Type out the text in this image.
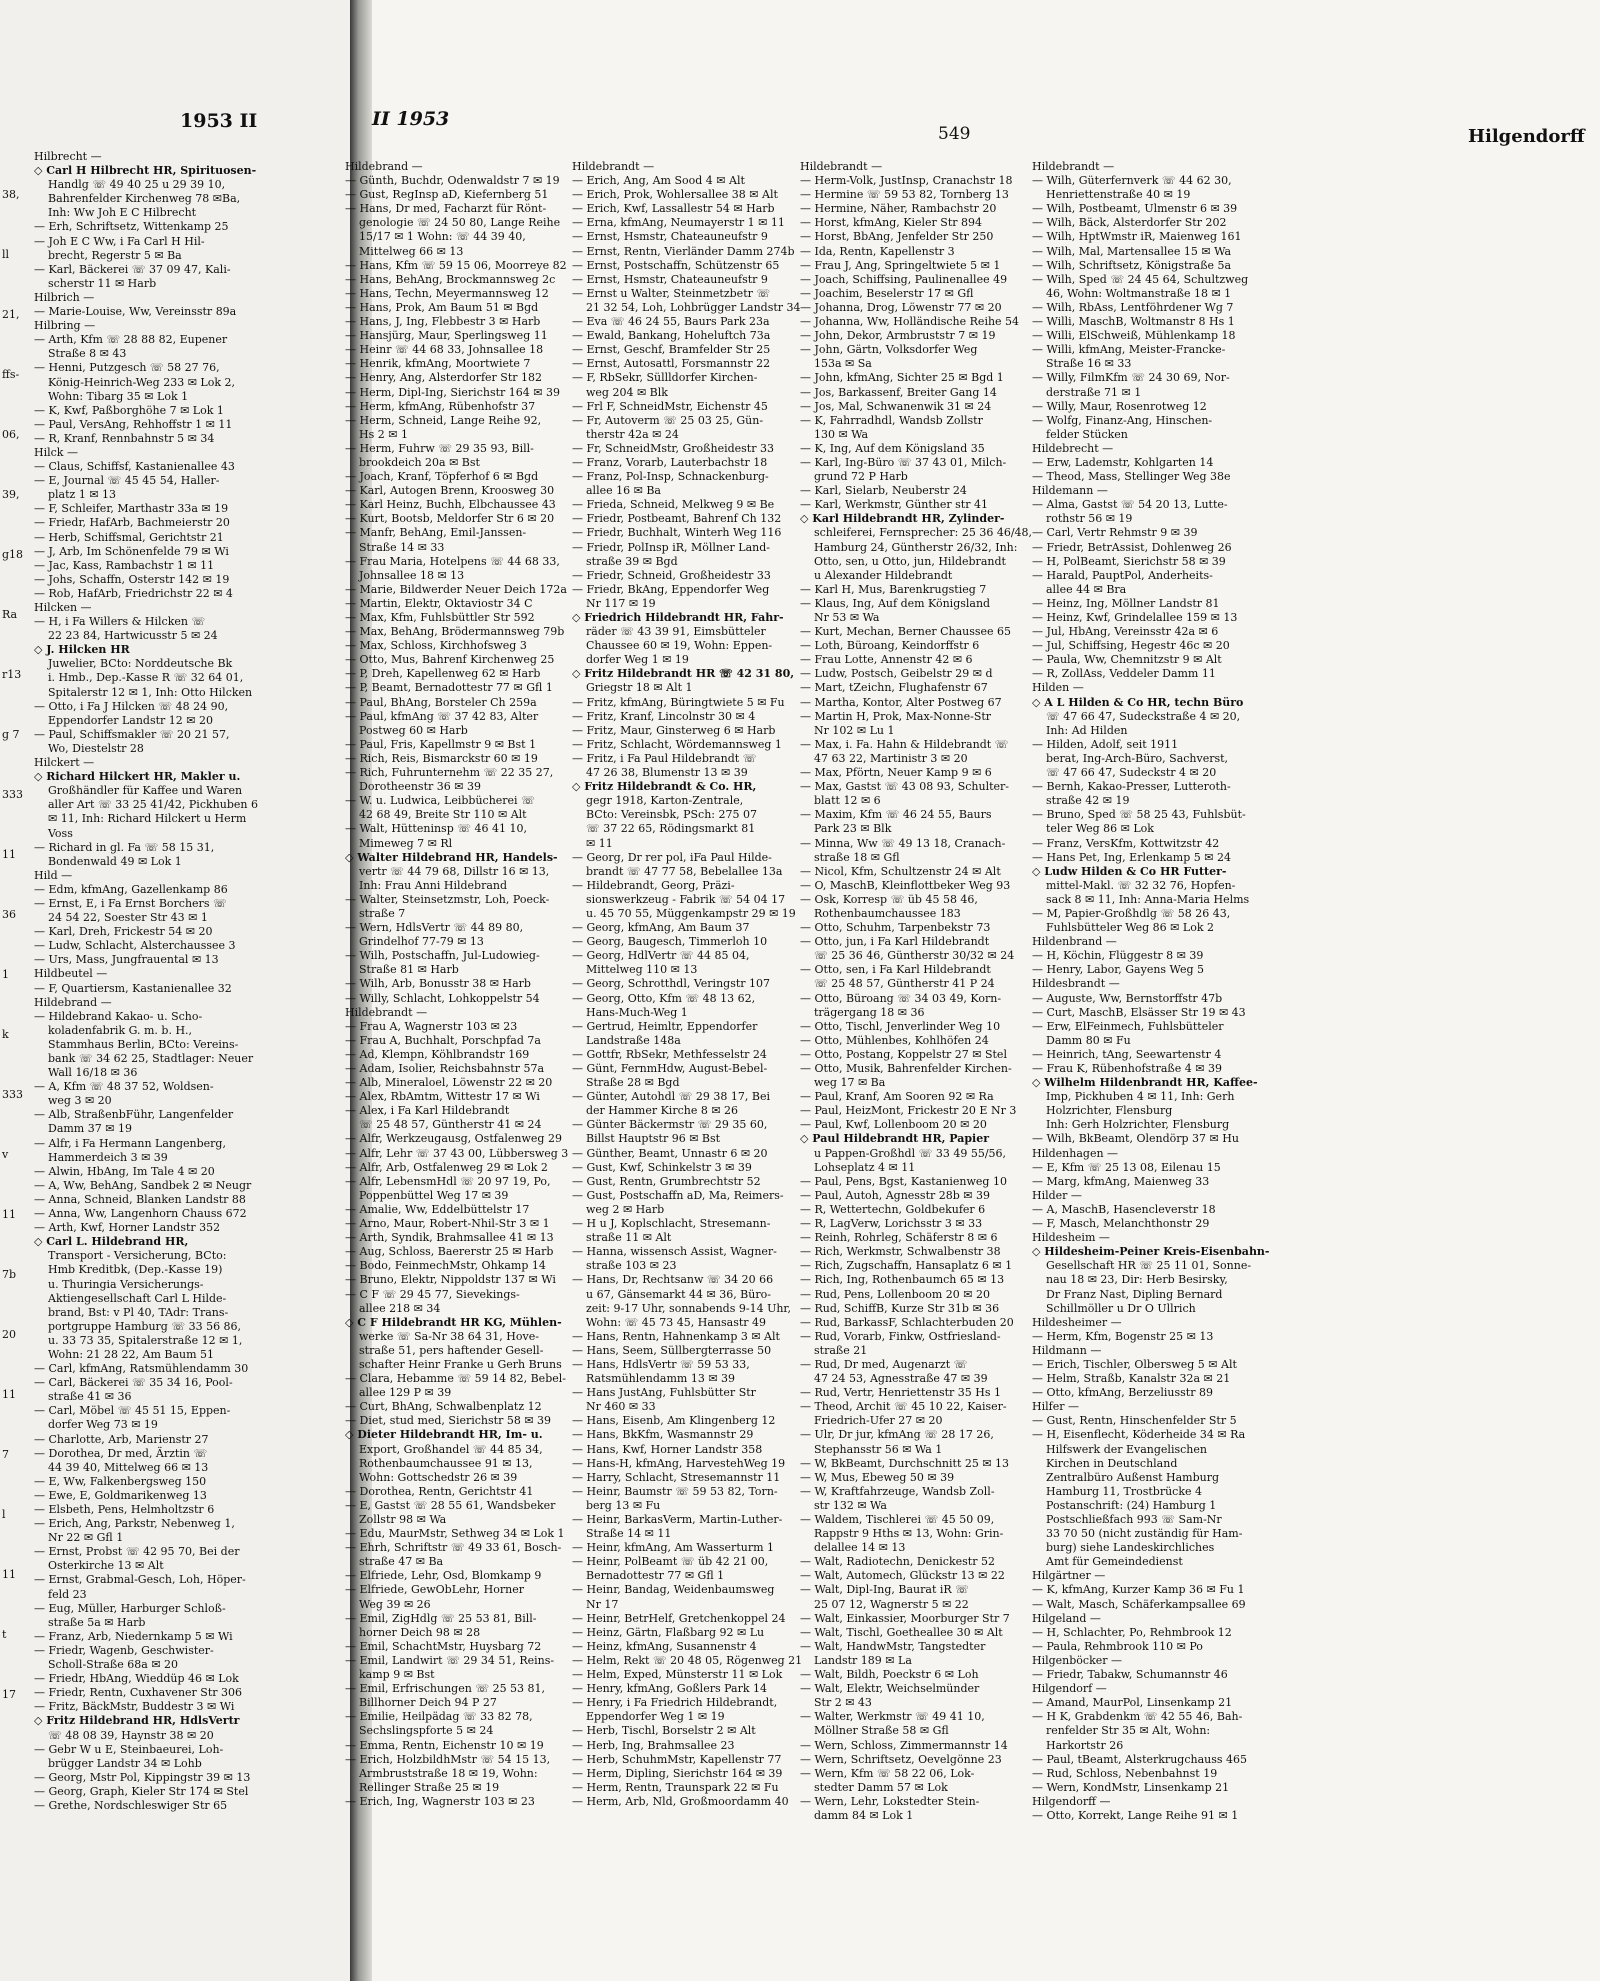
1953 II
Hilbrecht —
◇ Carl H Hilbrecht HR, Spirituosen-
Handlg ☏ 49 40 25 u 29 39 10,
Bahrenfelder Kirchenweg 78 ✉Ba,
Inh: Ww Joh E C Hilbrecht
— Erh, Schriftsetz, Wittenkamp 25
— Joh E C Ww, i Fa Carl H Hil-
brecht, Regerstr 5 ✉ Ba
— Karl, Bäckerei ☏ 37 09 47, Kali-
scherstr 11 ✉ Harb
Hilbrich —
— Marie-Louise, Ww, Vereinsstr 89a
Hilbring —
— Arth, Kfm ☏ 28 88 82, Eupener
Straße 8 ✉ 43
— Henni, Putzgesch ☏ 58 27 76,
König-Heinrich-Weg 233 ✉ Lok 2,
Wohn: Tibarg 35 ✉ Lok 1
— K, Kwf, Paßborghöhe 7 ✉ Lok 1
— Paul, VersAng, Rehhoffstr 1 ✉ 11
— R, Kranf, Rennbahnstr 5 ✉ 34
Hilck —
— Claus, Schiffsf, Kastanienallee 43
— E, Journal ☏ 45 45 54, Haller-
platz 1 ✉ 13
— F, Schleifer, Marthastr 33a ✉ 19
— Friedr, HafArb, Bachmeierstr 20
— Herb, Schiffsmal, Gerichtstr 21
— J, Arb, Im Schönenfelde 79 ✉ Wi
— Jac, Kass, Rambachstr 1 ✉ 11
— Johs, Schaffn, Osterstr 142 ✉ 19
— Rob, HafArb, Friedrichstr 22 ✉ 4
Hilcken —
— H, i Fa Willers & Hilcken ☏
22 23 84, Hartwicusstr 5 ✉ 24
◇ J. Hilcken HR
Juwelier, BCto: Norddeutsche Bk
i. Hmb., Dep.-Kasse R ☏ 32 64 01,
Spitalerstr 12 ✉ 1, Inh: Otto Hilcken
— Otto, i Fa J Hilcken ☏ 48 24 90,
Eppendorfer Landstr 12 ✉ 20
— Paul, Schiffsmakler ☏ 20 21 57,
Wo, Diestelstr 28
Hilckert —
◇ Richard Hilckert HR, Makler u.
Großhändler für Kaffee und Waren
aller Art ☏ 33 25 41/42, Pickhuben 6
✉ 11, Inh: Richard Hilckert u Herm
Voss
— Richard in gl. Fa ☏ 58 15 31,
Bondenwald 49 ✉ Lok 1
Hild —
— Edm, kfmAng, Gazellenkamp 86
— Ernst, E, i Fa Ernst Borchers ☏
24 54 22, Soester Str 43 ✉ 1
— Karl, Dreh, Frickestr 54 ✉ 20
— Ludw, Schlacht, Alsterchaussee 3
— Urs, Mass, Jungfrauental ✉ 13
Hildbeutel —
— F, Quartiersm, Kastanienallee 32
Hildebrand —
— Hildebrand Kakao- u. Scho-
koladenfabrik G. m. b. H.,
Stammhaus Berlin, BCto: Vereins-
bank ☏ 34 62 25, Stadtlager: Neuer
Wall 16/18 ✉ 36
— A, Kfm ☏ 48 37 52, Woldsen-
weg 3 ✉ 20
— Alb, StraßenbFühr, Langenfelder
Damm 37 ✉ 19
— Alfr, i Fa Hermann Langenberg,
Hammerdeich 3 ✉ 39
— Alwin, HbAng, Im Tale 4 ✉ 20
— A, Ww, BehAng, Sandbek 2 ✉ Neugr
— Anna, Schneid, Blanken Landstr 88
— Anna, Ww, Langenhorn Chauss 672
— Arth, Kwf, Horner Landstr 352
◇ Carl L. Hildebrand HR,
Transport - Versicherung, BCto:
Hmb Kreditbk, (Dep.-Kasse 19)
u. Thuringia Versicherungs-
Aktiengesellschaft Carl L Hilde-
brand, Bst: v Pl 40, TAdr: Trans-
portgruppe Hamburg ☏ 33 56 86,
u. 33 73 35, Spitalerstraße 12 ✉ 1,
Wohn: 21 28 22, Am Baum 51
— Carl, kfmAng, Ratsmühlendamm 30
— Carl, Bäckerei ☏ 35 34 16, Pool-
straße 41 ✉ 36
— Carl, Möbel ☏ 45 51 15, Eppen-
dorfer Weg 73 ✉ 19
— Charlotte, Arb, Marienstr 27
— Dorothea, Dr med, Ärztin ☏
44 39 40, Mittelweg 66 ✉ 13
— E, Ww, Falkenbergsweg 150
— Ewe, E, Goldmarikenweg 13
— Elsbeth, Pens, Helmholtzstr 6
— Erich, Ang, Parkstr, Nebenweg 1,
Nr 22 ✉ Gfl 1
— Ernst, Probst ☏ 42 95 70, Bei der
Osterkirche 13 ✉ Alt
— Ernst, Grabmal-Gesch, Loh, Höper-
feld 23
— Eug, Müller, Harburger Schloß-
straße 5a ✉ Harb
— Franz, Arb, Niedernkamp 5 ✉ Wi
— Friedr, Wagenb, Geschwister-
Scholl-Straße 68a ✉ 20
— Friedr, HbAng, Wieddüp 46 ✉ Lok
— Friedr, Rentn, Cuxhavener Str 306
— Fritz, BäckMstr, Buddestr 3 ✉ Wi
◇ Fritz Hildebrand HR, HdlsVertr
☏ 48 08 39, Haynstr 38 ✉ 20
— Gebr W u E, Steinbaeurei, Loh-
brügger Landstr 34 ✉ Lohb
— Georg, Mstr Pol, Kippingstr 39 ✉ 13
— Georg, Graph, Kieler Str 174 ✉ Stel
— Grethe, Nordschleswiger Str 65
38,
ll
21,
ffs-
06,
39,
g18
Ra
r13
g 7
333
11
36
1
k
333
v
11
7b
20
11
7
l
11
t
17
II 1953
549	Hilgendorff
Hildebrand —
— Günth, Buchdr, Odenwaldstr 7 ✉ 19
— Gust, RegInsp aD, Kiefernberg 51
— Hans, Dr med, Facharzt für Rönt-
genologie ☏ 24 50 80, Lange Reihe
15/17 ✉ 1 Wohn: ☏ 44 39 40,
Mittelweg 66 ✉ 13
— Hans, Kfm ☏ 59 15 06, Moorreye 82
— Hans, BehAng, Brockmannsweg 2c
— Hans, Techn, Meyermannsweg 12
— Hans, Prok, Am Baum 51 ✉ Bgd
— Hans, J, Ing, Flebbestr 3 ✉ Harb
— Hansjürg, Maur, Sperlingsweg 11
— Heinr ☏ 44 68 33, Johnsallee 18
— Henrik, kfmAng, Moortwiete 7
— Henry, Ang, Alsterdorfer Str 182
— Herm, Dipl-Ing, Sierichstr 164 ✉ 39
— Herm, kfmAng, Rübenhofstr 37
— Herm, Schneid, Lange Reihe 92,
Hs 2 ✉ 1
— Herm, Fuhrw ☏ 29 35 93, Bill-
brookdeich 20a ✉ Bst
— Joach, Kranf, Töpferhof 6 ✉ Bgd
— Karl, Autogen Brenn, Kroosweg 30
— Karl Heinz, Buchh, Elbchaussee 43
— Kurt, Bootsb, Meldorfer Str 6 ✉ 20
— Manfr, BehAng, Emil-Janssen-
Straße 14 ✉ 33
— Frau Maria, Hotelpens ☏ 44 68 33,
Johnsallee 18 ✉ 13
— Marie, Bildwerder Neuer Deich 172a
— Martin, Elektr, Oktaviostr 34 C
— Max, Kfm, Fuhlsbüttler Str 592
— Max, BehAng, Brödermannsweg 79b
— Max, Schloss, Kirchhofsweg 3
— Otto, Mus, Bahrenf Kirchenweg 25
— P, Dreh, Kapellenweg 62 ✉ Harb
— P, Beamt, Bernadottestr 77 ✉ Gfl 1
— Paul, BhAng, Borsteler Ch 259a
— Paul, kfmAng ☏ 37 42 83, Alter
Postweg 60 ✉ Harb
— Paul, Fris, Kapellmstr 9 ✉ Bst 1
— Rich, Reis, Bismarckstr 60 ✉ 19
— Rich, Fuhrunternehm ☏ 22 35 27,
Dorotheenstr 36 ✉ 39
— W. u. Ludwica, Leibbücherei ☏
42 68 49, Breite Str 110 ✉ Alt
— Walt, Hütteninsp ☏ 46 41 10,
Mimeweg 7 ✉ Rl
◇ Walter Hildebrand HR, Handels-
vertr ☏ 44 79 68, Dillstr 16 ✉ 13,
Inh: Frau Anni Hildebrand
— Walter, Steinsetzmstr, Loh, Poeck-
straße 7
— Wern, HdlsVertr ☏ 44 89 80,
Grindelhof 77-79 ✉ 13
— Wilh, Postschaffn, Jul-Ludowieg-
Straße 81 ✉ Harb
— Wilh, Arb, Bonusstr 38 ✉ Harb
— Willy, Schlacht, Lohkoppelstr 54
Hildebrandt —
— Frau A, Wagnerstr 103 ✉ 23
— Frau A, Buchhalt, Porschpfad 7a
— Ad, Klempn, Köhlbrandstr 169
— Adam, Isolier, Reichsbahnstr 57a
— Alb, Mineraloel, Löwenstr 22 ✉ 20
— Alex, RbAmtm, Wittestr 17 ✉ Wi
— Alex, i Fa Karl Hildebrandt
☏ 25 48 57, Güntherstr 41 ✉ 24
— Alfr, Werkzeugausg, Ostfalenweg 29
— Alfr, Lehr ☏ 37 43 00, Lübbersweg 3
— Alfr, Arb, Ostfalenweg 29 ✉ Lok 2
— Alfr, LebensmHdl ☏ 20 97 19, Po,
Poppenbüttel Weg 17 ✉ 39
— Amalie, Ww, Eddelbüttelstr 17
— Arno, Maur, Robert-Nhil-Str 3 ✉ 1
— Arth, Syndik, Brahmsallee 41 ✉ 13
— Aug, Schloss, Baererstr 25 ✉ Harb
— Bodo, FeinmechMstr, Ohkamp 14
— Bruno, Elektr, Nippoldstr 137 ✉ Wi
— C F ☏ 29 45 77, Sievekings-
allee 218 ✉ 34
◇ C F Hildebrandt HR KG, Mühlen-
werke ☏ Sa-Nr 38 64 31, Hove-
straße 51, pers haftender Gesell-
schafter Heinr Franke u Gerh Bruns
— Clara, Hebamme ☏ 59 14 82, Bebel-
allee 129 P ✉ 39
— Curt, BhAng, Schwalbenplatz 12
— Diet, stud med, Sierichstr 58 ✉ 39
◇ Dieter Hildebrandt HR, Im- u.
Export, Großhandel ☏ 44 85 34,
Rothenbaumchaussee 91 ✉ 13,
Wohn: Gottschedstr 26 ✉ 39
— Dorothea, Rentn, Gerichtstr 41
— E, Gastst ☏ 28 55 61, Wandsbeker
Zollstr 98 ✉ Wa
— Edu, MaurMstr, Sethweg 34 ✉ Lok 1
— Ehrh, Schriftstr ☏ 49 33 61, Bosch-
straße 47 ✉ Ba
— Elfriede, Lehr, Osd, Blomkamp 9
— Elfriede, GewObLehr, Horner
Weg 39 ✉ 26
— Emil, ZigHdlg ☏ 25 53 81, Bill-
horner Deich 98 ✉ 28
— Emil, SchachtMstr, Huysbarg 72
— Emil, Landwirt ☏ 29 34 51, Reins-
kamp 9 ✉ Bst
— Emil, Erfrischungen ☏ 25 53 81,
Billhorner Deich 94 P 27
— Emilie, Heilpädag ☏ 33 82 78,
Sechslingspforte 5 ✉ 24
— Emma, Rentn, Eichenstr 10 ✉ 19
— Erich, HolzbildhMstr ☏ 54 15 13,
Armbruststraße 18 ✉ 19, Wohn:
Rellinger Straße 25 ✉ 19
— Erich, Ing, Wagnerstr 103 ✉ 23
Hildebrandt —
— Erich, Ang, Am Sood 4 ✉ Alt
— Erich, Prok, Wohlersallee 38 ✉ Alt
— Erich, Kwf, Lassallestr 54 ✉ Harb
— Erna, kfmAng, Neumayerstr 1 ✉ 11
— Ernst, Hsmstr, Chateauneufstr 9
— Ernst, Rentn, Vierländer Damm 274b
— Ernst, Postschaffn, Schützenstr 65
— Ernst, Hsmstr, Chateauneufstr 9
— Ernst u Walter, Steinmetzbetr ☏
21 32 54, Loh, Lohbrügger Landstr 34
— Eva ☏ 46 24 55, Baurs Park 23a
— Ewald, Bankang, Hoheluftch 73a
— Ernst, Geschf, Bramfelder Str 25
— Ernst, Autosattl, Forsmannstr 22
— F, RbSekr, Süllldorfer Kirchen-
weg 204 ✉ Blk
— Frl F, SchneidMstr, Eichenstr 45
— Fr, Autoverm ☏ 25 03 25, Gün-
therstr 42a ✉ 24
— Fr, SchneidMstr, Großheidestr 33
— Franz, Vorarb, Lauterbachstr 18
— Franz, Pol-Insp, Schnackenburg-
allee 16 ✉ Ba
— Frieda, Schneid, Melkweg 9 ✉ Be
— Friedr, Postbeamt, Bahrenf Ch 132
— Friedr, Buchhalt, Winterh Weg 116
— Friedr, PolInsp iR, Möllner Land-
straße 39 ✉ Bgd
— Friedr, Schneid, Großheidestr 33
— Friedr, BkAng, Eppendorfer Weg
Nr 117 ✉ 19
◇ Friedrich Hildebrandt HR, Fahr-
räder ☏ 43 39 91, Eimsbütteler
Chaussee 60 ✉ 19, Wohn: Eppen-
dorfer Weg 1 ✉ 19
◇ Fritz Hildebrandt HR ☏ 42 31 80,
Griegstr 18 ✉ Alt 1
— Fritz, kfmAng, Büringtwiete 5 ✉ Fu
— Fritz, Kranf, Lincolnstr 30 ✉ 4
— Fritz, Maur, Ginsterweg 6 ✉ Harb
— Fritz, Schlacht, Wördemannsweg 1
— Fritz, i Fa Paul Hildebrandt ☏
47 26 38, Blumenstr 13 ✉ 39
◇ Fritz Hildebrandt & Co. HR,
gegr 1918, Karton-Zentrale,
BCto: Vereinsbk, PSch: 275 07
☏ 37 22 65, Rödingsmarkt 81
✉ 11
— Georg, Dr rer pol, iFa Paul Hilde-
brandt ☏ 47 77 58, Bebelallee 13a
— Hildebrandt, Georg, Präzi-
sionswerkzeug - Fabrik ☏ 54 04 17
u. 45 70 55, Müggenkampstr 29 ✉ 19
— Georg, kfmAng, Am Baum 37
— Georg, Baugesch, Timmerloh 10
— Georg, HdlVertr ☏ 44 85 04,
Mittelweg 110 ✉ 13
— Georg, Schrotthdl, Veringstr 107
— Georg, Otto, Kfm ☏ 48 13 62,
Hans-Much-Weg 1
— Gertrud, Heimltr, Eppendorfer
Landstraße 148a
— Gottfr, RbSekr, Methfesselstr 24
— Günt, FernmHdw, August-Bebel-
Straße 28 ✉ Bgd
— Günter, Autohdl ☏ 29 38 17, Bei
der Hammer Kirche 8 ✉ 26
— Günter Bäckermstr ☏ 29 35 60,
Billst Hauptstr 96 ✉ Bst
— Günther, Beamt, Unnastr 6 ✉ 20
— Gust, Kwf, Schinkelstr 3 ✉ 39
— Gust, Rentn, Grumbrechtstr 52
— Gust, Postschaffn aD, Ma, Reimers-
weg 2 ✉ Harb
— H u J, Koplschlacht, Stresemann-
straße 11 ✉ Alt
— Hanna, wissensch Assist, Wagner-
straße 103 ✉ 23
— Hans, Dr, Rechtsanw ☏ 34 20 66
u 67, Gänsemarkt 44 ✉ 36, Büro-
zeit: 9-17 Uhr, sonnabends 9-14 Uhr,
Wohn: ☏ 45 73 45, Hansastr 49
— Hans, Rentn, Hahnenkamp 3 ✉ Alt
— Hans, Seem, Süllbergterrasse 50
— Hans, HdlsVertr ☏ 59 53 33,
Ratsmühlendamm 13 ✉ 39
— Hans JustAng, Fuhlsbütter Str
Nr 460 ✉ 33
— Hans, Eisenb, Am Klingenberg 12
— Hans, BkKfm, Wasmannstr 29
— Hans, Kwf, Horner Landstr 358
— Hans-H, kfmAng, HarvestehWeg 19
— Harry, Schlacht, Stresemannstr 11
— Heinr, Baumstr ☏ 59 53 82, Torn-
berg 13 ✉ Fu
— Heinr, BarkasVerm, Martin-Luther-
Straße 14 ✉ 11
— Heinr, kfmAng, Am Wasserturm 1
— Heinr, PolBeamt ☏ üb 42 21 00,
Bernadottestr 77 ✉ Gfl 1
— Heinr, Bandag, Weidenbaumsweg
Nr 17
— Heinr, BetrHelf, Gretchenkoppel 24
— Heinz, Gärtn, Flaßbarg 92 ✉ Lu
— Heinz, kfmAng, Susannenstr 4
— Helm, Rekt ☏ 20 48 05, Rögenweg 21
— Helm, Exped, Münsterstr 11 ✉ Lok
— Henry, kfmAng, Goßlers Park 14
— Henry, i Fa Friedrich Hildebrandt,
Eppendorfer Weg 1 ✉ 19
— Herb, Tischl, Borselstr 2 ✉ Alt
— Herb, Ing, Brahmsallee 23
— Herb, SchuhmMstr, Kapellenstr 77
— Herm, Dipling, Sierichstr 164 ✉ 39
— Herm, Rentn, Traunspark 22 ✉ Fu
— Herm, Arb, Nld, Großmoordamm 40
Hildebrandt —
— Herm-Volk, JustInsp, Cranachstr 18
— Hermine ☏ 59 53 82, Tornberg 13
— Hermine, Näher, Rambachstr 20
— Horst, kfmAng, Kieler Str 894
— Horst, BbAng, Jenfelder Str 250
— Ida, Rentn, Kapellenstr 3
— Frau J, Ang, Springeltwiete 5 ✉ 1
— Joach, Schiffsing, Paulinenallee 49
— Joachim, Beselerstr 17 ✉ Gfl
— Johanna, Drog, Löwenstr 77 ✉ 20
— Johanna, Ww, Holländische Reihe 54
— John, Dekor, Armbruststr 7 ✉ 19
— John, Gärtn, Volksdorfer Weg
153a ✉ Sa
— John, kfmAng, Sichter 25 ✉ Bgd 1
— Jos, Barkassenf, Breiter Gang 14
— Jos, Mal, Schwanenwik 31 ✉ 24
— K, Fahrradhdl, Wandsb Zollstr
130 ✉ Wa
— K, Ing, Auf dem Königsland 35
— Karl, Ing-Büro ☏ 37 43 01, Milch-
grund 72 P Harb
— Karl, Sielarb, Neuberstr 24
— Karl, Werkmstr, Günther str 41
◇ Karl Hildebrandt HR, Zylinder-
schleiferei, Fernsprecher: 25 36 46/48,
Hamburg 24, Güntherstr 26/32, Inh:
Otto, sen, u Otto, jun, Hildebrandt
u Alexander Hildebrandt
— Karl H, Mus, Barenkrugstieg 7
— Klaus, Ing, Auf dem Königsland
Nr 53 ✉ Wa
— Kurt, Mechan, Berner Chaussee 65
— Loth, Büroang, Keindorffstr 6
— Frau Lotte, Annenstr 42 ✉ 6
— Ludw, Postsch, Geibelstr 29 ✉ d
— Mart, tZeichn, Flughafenstr 67
— Martha, Kontor, Alter Postweg 67
— Martin H, Prok, Max-Nonne-Str
Nr 102 ✉ Lu 1
— Max, i. Fa. Hahn & Hildebrandt ☏
47 63 22, Martinistr 3 ✉ 20
— Max, Pförtn, Neuer Kamp 9 ✉ 6
— Max, Gastst ☏ 43 08 93, Schulter-
blatt 12 ✉ 6
— Maxim, Kfm ☏ 46 24 55, Baurs
Park 23 ✉ Blk
— Minna, Ww ☏ 49 13 18, Cranach-
straße 18 ✉ Gfl
— Nicol, Kfm, Schultzenstr 24 ✉ Alt
— O, MaschB, Kleinflottbeker Weg 93
— Osk, Korresp ☏ üb 45 58 46,
Rothenbaumchaussee 183
— Otto, Schuhm, Tarpenbekstr 73
— Otto, jun, i Fa Karl Hildebrandt
☏ 25 36 46, Güntherstr 30/32 ✉ 24
— Otto, sen, i Fa Karl Hildebrandt
☏ 25 48 57, Güntherstr 41 P 24
— Otto, Büroang ☏ 34 03 49, Korn-
trägergang 18 ✉ 36
— Otto, Tischl, Jenverlinder Weg 10
— Otto, Mühlenbes, Kohlhöfen 24
— Otto, Postang, Koppelstr 27 ✉ Stel
— Otto, Musik, Bahrenfelder Kirchen-
weg 17 ✉ Ba
— Paul, Kranf, Am Sooren 92 ✉ Ra
— Paul, HeizMont, Frickestr 20 E Nr 3
— Paul, Kwf, Lollenboom 20 ✉ 20
◇ Paul Hildebrandt HR, Papier
u Pappen-Großhdl ☏ 33 49 55/56,
Lohseplatz 4 ✉ 11
— Paul, Pens, Bgst, Kastanienweg 10
— Paul, Autoh, Agnesstr 28b ✉ 39
— R, Wettertechn, Goldbekufer 6
— R, LagVerw, Lorichsstr 3 ✉ 33
— Reinh, Rohrleg, Schäferstr 8 ✉ 6
— Rich, Werkmstr, Schwalbenstr 38
— Rich, Zugschaffn, Hansaplatz 6 ✉ 1
— Rich, Ing, Rothenbaumch 65 ✉ 13
— Rud, Pens, Lollenboom 20 ✉ 20
— Rud, SchiffB, Kurze Str 31b ✉ 36
— Rud, BarkassF, Schlachterbuden 20
— Rud, Vorarb, Finkw, Ostfriesland-
straße 21
— Rud, Dr med, Augenarzt ☏
47 24 53, Agnesstraße 47 ✉ 39
— Rud, Vertr, Henriettenstr 35 Hs 1
— Theod, Archit ☏ 45 10 22, Kaiser-
Friedrich-Ufer 27 ✉ 20
— Ulr, Dr jur, kfmAng ☏ 28 17 26,
Stephansstr 56 ✉ Wa 1
— W, BkBeamt, Durchschnitt 25 ✉ 13
— W, Mus, Ebeweg 50 ✉ 39
— W, Kraftfahrzeuge, Wandsb Zoll-
str 132 ✉ Wa
— Waldem, Tischlerei ☏ 45 50 09,
Rappstr 9 Hths ✉ 13, Wohn: Grin-
delallee 14 ✉ 13
— Walt, Radiotechn, Denickestr 52
— Walt, Automech, Glückstr 13 ✉ 22
— Walt, Dipl-Ing, Baurat iR ☏
25 07 12, Wagnerstr 5 ✉ 22
— Walt, Einkassier, Moorburger Str 7
— Walt, Tischl, Goetheallee 30 ✉ Alt
— Walt, HandwMstr, Tangstedter
Landstr 189 ✉ La
— Walt, Bildh, Poeckstr 6 ✉ Loh
— Walt, Elektr, Weichselmünder
Str 2 ✉ 43
— Walter, Werkmstr ☏ 49 41 10,
Möllner Straße 58 ✉ Gfl
— Wern, Schloss, Zimmermannstr 14
— Wern, Schriftsetz, Oevelgönne 23
— Wern, Kfm ☏ 58 22 06, Lok-
stedter Damm 57 ✉ Lok
— Wern, Lehr, Lokstedter Stein-
damm 84 ✉ Lok 1
Hildebrandt —
— Wilh, Güterfernverk ☏ 44 62 30,
Henriettenstraße 40 ✉ 19
— Wilh, Postbeamt, Ulmenstr 6 ✉ 39
— Wilh, Bäck, Alsterdorfer Str 202
— Wilh, HptWmstr iR, Maienweg 161
— Wilh, Mal, Martensallee 15 ✉ Wa
— Wilh, Schriftsetz, Königstraße 5a
— Wilh, Sped ☏ 24 45 64, Schultzweg
46, Wohn: Woltmanstraße 18 ✉ 1
— Wilh, RbAss, Lentföhrdener Wg 7
— Willi, MaschB, Woltmanstr 8 Hs 1
— Willi, ElSchweiß, Mühlenkamp 18
— Willi, kfmAng, Meister-Francke-
Straße 16 ✉ 33
— Willy, FilmKfm ☏ 24 30 69, Nor-
derstraße 71 ✉ 1
— Willy, Maur, Rosenrotweg 12
— Wolfg, Finanz-Ang, Hinschen-
felder Stücken
Hildebrecht —
— Erw, Lademstr, Kohlgarten 14
— Theod, Mass, Stellinger Weg 38e
Hildemann —
— Alma, Gastst ☏ 54 20 13, Lutte-
rothstr 56 ✉ 19
— Carl, Vertr Rehmstr 9 ✉ 39
— Friedr, BetrAssist, Dohlenweg 26
— H, PolBeamt, Sierichstr 58 ✉ 39
— Harald, PauptPol, Anderheits-
allee 44 ✉ Bra
— Heinz, Ing, Möllner Landstr 81
— Heinz, Kwf, Grindelallee 159 ✉ 13
— Jul, HbAng, Vereinsstr 42a ✉ 6
— Jul, Schiffsing, Hegestr 46c ✉ 20
— Paula, Ww, Chemnitzstr 9 ✉ Alt
— R, ZollAss, Veddeler Damm 11
Hilden —
◇ A L Hilden & Co HR, techn Büro
☏ 47 66 47, Sudeckstraße 4 ✉ 20,
Inh: Ad Hilden
— Hilden, Adolf, seit 1911
berat, Ing-Arch-Büro, Sachverst,
☏ 47 66 47, Sudeckstr 4 ✉ 20
— Bernh, Kakao-Presser, Lutteroth-
straße 42 ✉ 19
— Bruno, Sped ☏ 58 25 43, Fuhlsbüt-
teler Weg 86 ✉ Lok
— Franz, VersKfm, Kottwitzstr 42
— Hans Pet, Ing, Erlenkamp 5 ✉ 24
◇ Ludw Hilden & Co HR Futter-
mittel-Makl. ☏ 32 32 76, Hopfen-
sack 8 ✉ 11, Inh: Anna-Maria Helms
— M, Papier-Großhdlg ☏ 58 26 43,
Fuhlsbütteler Weg 86 ✉ Lok 2
Hildenbrand —
— H, Köchin, Flüggestr 8 ✉ 39
— Henry, Labor, Gayens Weg 5
Hildesbrandt —
— Auguste, Ww, Bernstorffstr 47b
— Curt, MaschB, Elsässer Str 19 ✉ 43
— Erw, ElFeinmech, Fuhlsbütteler
Damm 80 ✉ Fu
— Heinrich, tAng, Seewartenstr 4
— Frau K, Rübenhofstraße 4 ✉ 39
◇ Wilhelm Hildenbrandt HR, Kaffee-
Imp, Pickhuben 4 ✉ 11, Inh: Gerh
Holzrichter, Flensburg
Inh: Gerh Holzrichter, Flensburg
— Wilh, BkBeamt, Olendörp 37 ✉ Hu
Hildenhagen —
— E, Kfm ☏ 25 13 08, Eilenau 15
— Marg, kfmAng, Maienweg 33
Hilder —
— A, MaschB, Hasencleverstr 18
— F, Masch, Melanchthonstr 29
Hildesheim —
◇ Hildesheim-Peiner Kreis-Eisenbahn-
Gesellschaft HR ☏ 25 11 01, Sonne-
nau 18 ✉ 23, Dir: Herb Besirsky,
Dr Franz Nast, Dipling Bernard
Schillmöller u Dr O Ullrich
Hildesheimer —
— Herm, Kfm, Bogenstr 25 ✉ 13
Hildmann —
— Erich, Tischler, Olbersweg 5 ✉ Alt
— Helm, Straßb, Kanalstr 32a ✉ 21
— Otto, kfmAng, Berzeliusstr 89
Hilfer —
— Gust, Rentn, Hinschenfelder Str 5
— H, Eisenflecht, Köderheide 34 ✉ Ra
Hilfswerk der Evangelischen
Kirchen in Deutschland
Zentralbüro Außenst Hamburg
Hamburg 11, Trostbrücke 4
Postanschrift: (24) Hamburg 1
Postschließfach 993 ☏ Sam-Nr
33 70 50 (nicht zuständig für Ham-
burg) siehe Landeskirchliches
Amt für Gemeindedienst
Hilgärtner —
— K, kfmAng, Kurzer Kamp 36 ✉ Fu 1
— Walt, Masch, Schäferkampsallee 69
Hilgeland —
— H, Schlachter, Po, Rehmbrook 12
— Paula, Rehmbrook 110 ✉ Po
Hilgenböcker —
— Friedr, Tabakw, Schumannstr 46
Hilgendorf —
— Amand, MaurPol, Linsenkamp 21
— H K, Grabdenkm ☏ 42 55 46, Bah-
renfelder Str 35 ✉ Alt, Wohn:
Harkortstr 26
— Paul, tBeamt, Alsterkrugchauss 465
— Rud, Schloss, Nebenbahnst 19
— Wern, KondMstr, Linsenkamp 21
Hilgendorff —
— Otto, Korrekt, Lange Reihe 91 ✉ 1
